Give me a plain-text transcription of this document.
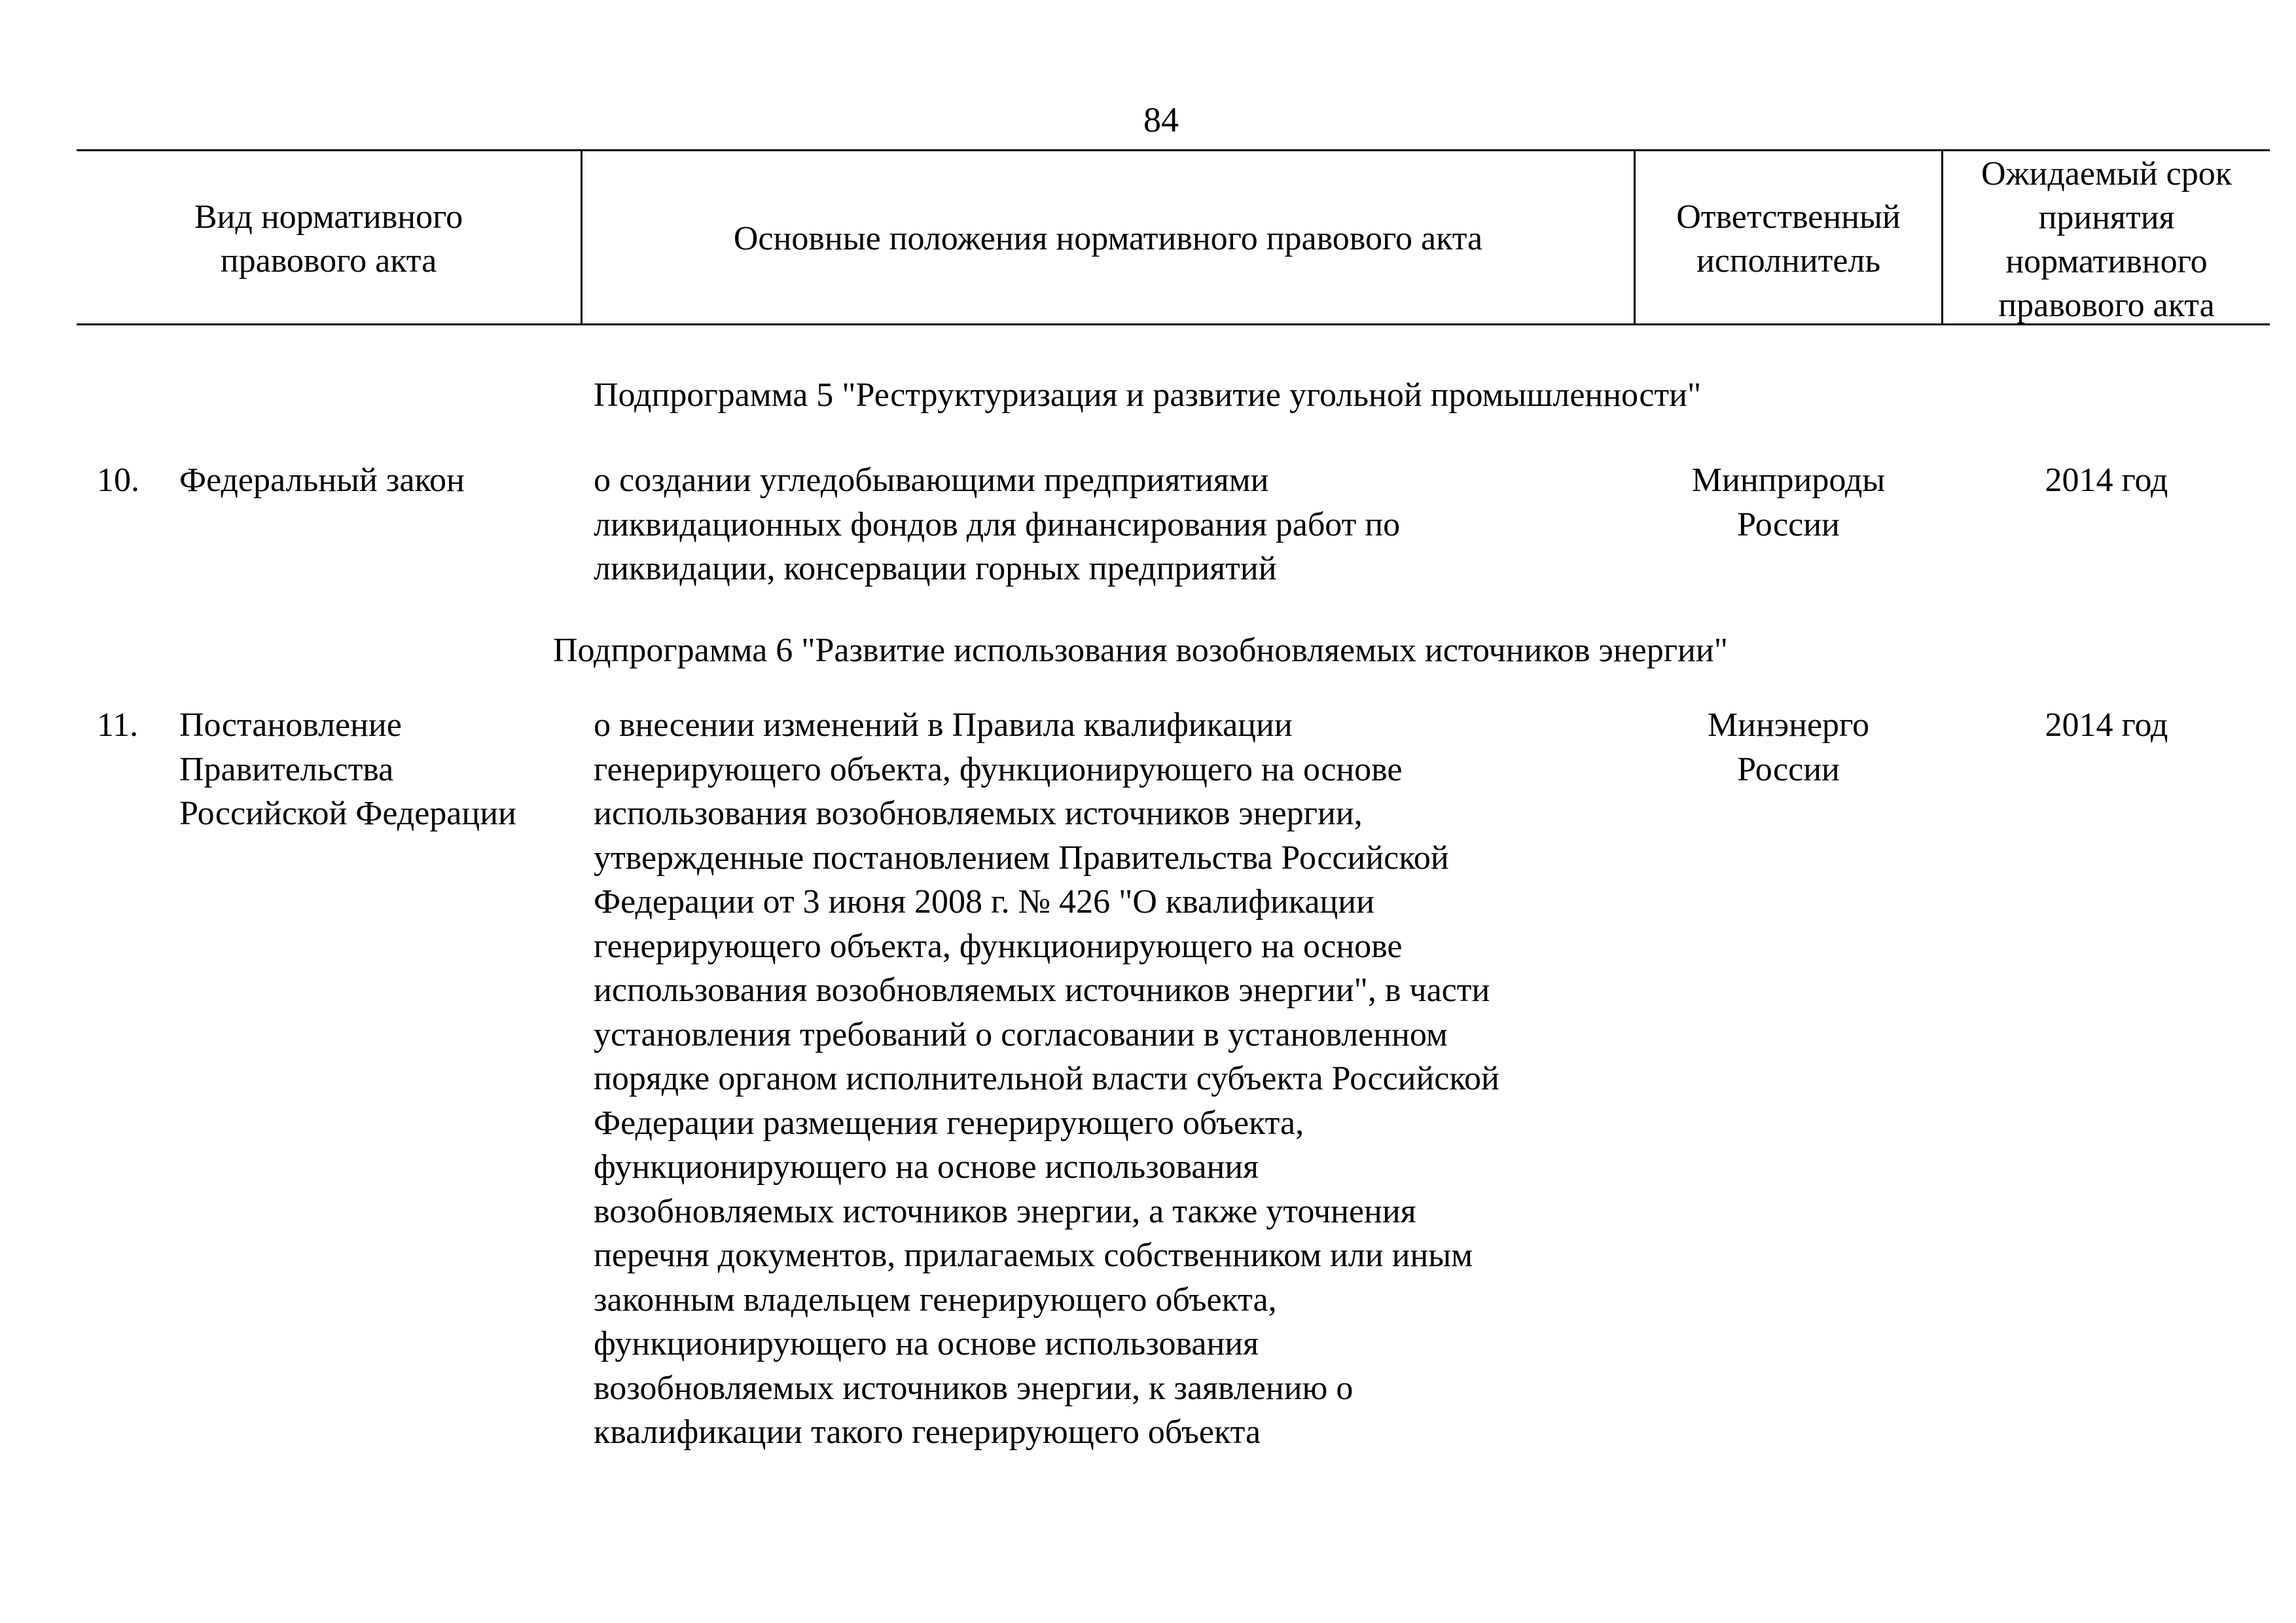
84
Вид нормативного
правового акта
Основные положения нормативного правового акта
Ответственный
исполнитель
Ожидаемый срок
принятия
нормативного
правового акта
Подпрограмма 5 "Реструктуризация и развитие угольной промышленности"
10. Федеральный закон	о создании угледобывающими предприятиями
ликвидационных фондов для финансирования работ по
ликвидации, консервации горных предприятий
Минприроды
России
2014 год
Подпрограмма 6 "Развитие использования возобновляемых источников энергии"
11. Постановление
Правительства
Российской Федерации
о внесении изменений в Правила квалификации
генерирующего объекта, функционирующего на основе
использования возобновляемых источников энергии,
утвержденные постановлением Правительства Российской
Федерации от 3 июня 2008 г. № 426 "О квалификации
генерирующего объекта, функционирующего на основе
использования возобновляемых источников энергии", в части
установления требований о согласовании в установленном
порядке органом исполнительной власти субъекта Российской
Федерации размещения генерирующего объекта,
функционирующего на основе использования
возобновляемых источников энергии, а также уточнения
перечня документов, прилагаемых собственником или иным
законным владельцем генерирующего объекта,
функционирующего на основе использования
возобновляемых источников энергии, к заявлению о
квалификации такого генерирующего объекта
Минэнерго
России
2014 год
